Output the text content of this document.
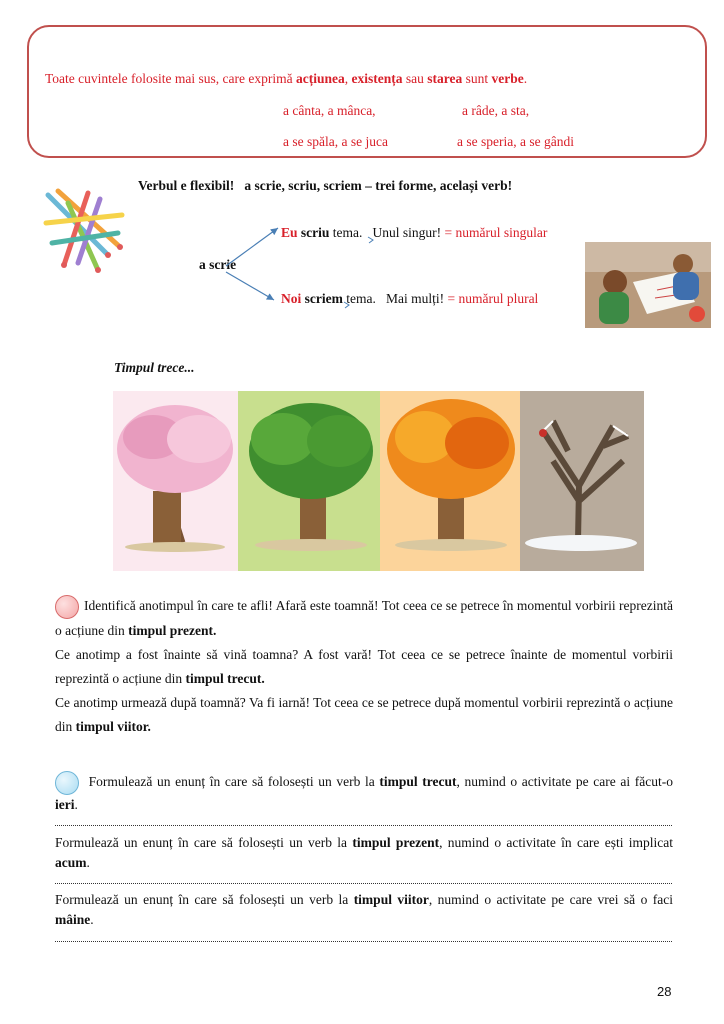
Toate cuvintele folosite mai sus, care exprimă acțiunea, existența sau starea sunt verbe.
a cânta, a mânca,	a râde, a sta,
a se spăla, a se juca	a se speria, a se gândi
Verbul e flexibil!   a scrie, scriu, scriem – trei forme, același verb!
a scrie
Eu scriu tema.   Unul singur! = numărul singular
Noi scriem tema.   Mai mulți! = numărul plural
Timpul trece...
Identifică anotimpul în care te afli! Afară este toamnă! Tot ceea ce se petrece în momentul vorbirii reprezintă o acțiune din timpul prezent.
Ce anotimp a fost înainte să vină toamna? A fost vară! Tot ceea ce se petrece înainte de momentul vorbirii reprezintă o acțiune din timpul trecut.
Ce anotimp urmează după toamnă? Va fi iarnă! Tot ceea ce se petrece după momentul vorbirii reprezintă o acțiune din timpul viitor.
Formulează un enunț în care să folosești un verb la timpul trecut, numind o activitate pe care ai făcut-o ieri.
Formulează un enunț în care să folosești un verb la timpul prezent, numind o activitate în care ești implicat acum.
Formulează un enunț în care să folosești un verb la timpul viitor, numind o activitate pe care vrei să o faci mâine.
28
